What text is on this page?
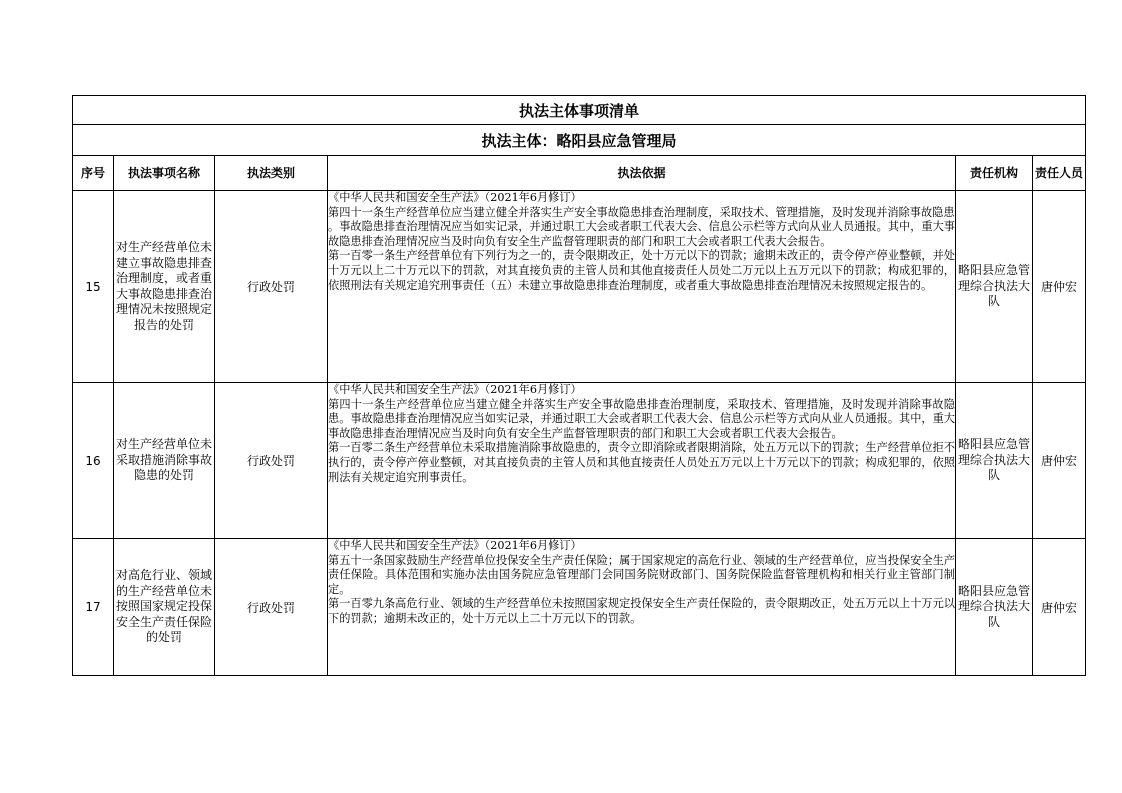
执法主体事项清单					
执法主体：略阳县应急管理局					
序号	执法事项名称	执法类别	执法依据	责任机构	责任人员
15	对生产经营单位未建立事故隐患排查治理制度，或者重大事故隐患排查治理情况未按照规定报告的处罚	行政处罚	《中华人民共和国安全生产法》（2021年6月修订）

第四十一条生产经营单位应当建立健全并落实生产安全事故隐患排查治理制度，采取技术、管理措施，及时发现并消除事故隐患

。事故隐患排查治理情况应当如实记录，并通过职工大会或者职工代表大会、信息公示栏等方式向从业人员通报。其中，重大事故隐患排查治理情况应当及时向负有安全生产监督管理职责的部门和职工大会或者职工代表大会报告。

第一百零一条生产经营单位有下列行为之一的，责令限期改正，处十万元以下的罚款；逾期未改正的，责令停产停业整顿，并处十万元以上二十万元以下的罚款，对其直接负责的主管人员和其他直接责任人员处二万元以上五万元以下的罚款；构成犯罪的，依照刑法有关规定追究刑事责任（五）未建立事故隐患排查治理制度，或者重大事故隐患排查治理情况未按照规定报告的。	略阳县应急管理综合执法大队	唐仲宏
16	对生产经营单位未采取措施消除事故隐患的处罚	行政处罚	《中华人民共和国安全生产法》（2021年6月修订）

第四十一条生产经营单位应当建立健全并落实生产安全事故隐患排查治理制度，采取技术、管理措施，及时发现并消除事故隐患。事故隐患排查治理情况应当如实记录，并通过职工大会或者职工代表大会、信息公示栏等方式向从业人员通报。其中，重大事故隐患排查治理情况应当及时向负有安全生产监督管理职责的部门和职工大会或者职工代表大会报告。

第一百零二条生产经营单位未采取措施消除事故隐患的，责令立即消除或者限期消除，处五万元以下的罚款；生产经营单位拒不执行的，责令停产停业整顿，对其直接负责的主管人员和其他直接责任人员处五万元以上十万元以下的罚款；构成犯罪的，依照刑法有关规定追究刑事责任。	略阳县应急管理综合执法大队	唐仲宏
17	对高危行业、领域的生产经营单位未按照国家规定投保安全生产责任保险的处罚	行政处罚	《中华人民共和国安全生产法》（2021年6月修订）

第五十一条国家鼓励生产经营单位投保安全生产责任保险；属于国家规定的高危行业、领域的生产经营单位，应当投保安全生产责任保险。具体范围和实施办法由国务院应急管理部门会同国务院财政部门、国务院保险监督管理机构和相关行业主管部门制定。

第一百零九条高危行业、领域的生产经营单位未按照国家规定投保安全生产责任保险的，责令限期改正，处五万元以上十万元以下的罚款；逾期未改正的，处十万元以上二十万元以下的罚款。	略阳县应急管理综合执法大队	唐仲宏
